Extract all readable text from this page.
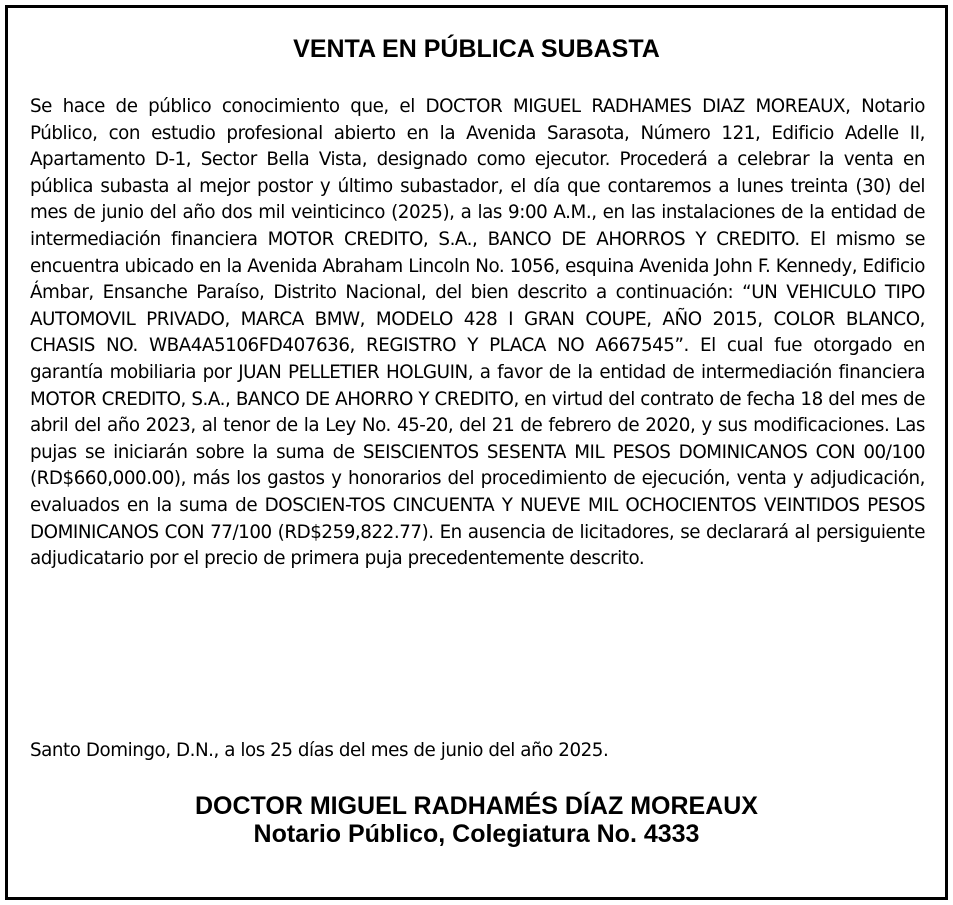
VENTA EN PÚBLICA SUBASTA

Se hace de público conocimiento que, el DOCTOR MIGUEL RADHAMES DIAZ MOREAUX, Notario Público, con estudio profesional abierto en la Avenida Sarasota, Número 121, Edificio Adelle II, Apartamento D-1, Sector Bella Vista, designado como ejecutor. Procederá a celebrar la venta en pública subasta al mejor postor y último subastador, el día que contaremos a lunes treinta (30) del mes de junio del año dos mil veinticinco (2025), a las 9:00 A.M., en las instalaciones de la entidad de intermediación financiera MOTOR CREDITO, S.A., BANCO DE AHORROS Y CREDITO. El mismo se encuentra ubicado en la Avenida Abraham Lincoln No. 1056, esquina Avenida John F. Kennedy, Edificio Ámbar, Ensanche Paraíso, Distrito Nacional, del bien descrito a continuación: “UN VEHICULO TIPO AUTOMOVIL PRIVADO, MARCA BMW, MODELO 428 I GRAN COUPE, AÑO 2015, COLOR BLANCO, CHASIS NO. WBA4A5106FD407636, REGISTRO Y PLACA NO A667545”. El cual fue otorgado en garantía mobiliaria por JUAN PELLETIER HOLGUIN, a favor de la entidad de intermediación financiera MOTOR CREDITO, S.A., BANCO DE AHORRO Y CREDITO, en virtud del contrato de fecha 18 del mes de abril del año 2023, al tenor de la Ley No. 45-20, del 21 de febrero de 2020, y sus modificaciones. Las pujas se iniciarán sobre la suma de SEISCIENTOS SESENTA MIL PESOS DOMINICANOS CON 00/100 (RD$660,000.00), más los gastos y honorarios del procedimiento de ejecución, venta y adjudicación, evaluados en la suma de DOSCIEN-TOS CINCUENTA Y NUEVE MIL OCHOCIENTOS VEINTIDOS PESOS DOMINICANOS CON 77/100 (RD$259,822.77). En ausencia de licitadores, se declarará al persiguiente adjudicatario por el precio de primera puja precedentemente descrito.

Santo Domingo, D.N., a los 25 días del mes de junio del año 2025.

DOCTOR MIGUEL RADHAMÉS DÍAZ MOREAUX
Notario Público, Colegiatura No. 4333
